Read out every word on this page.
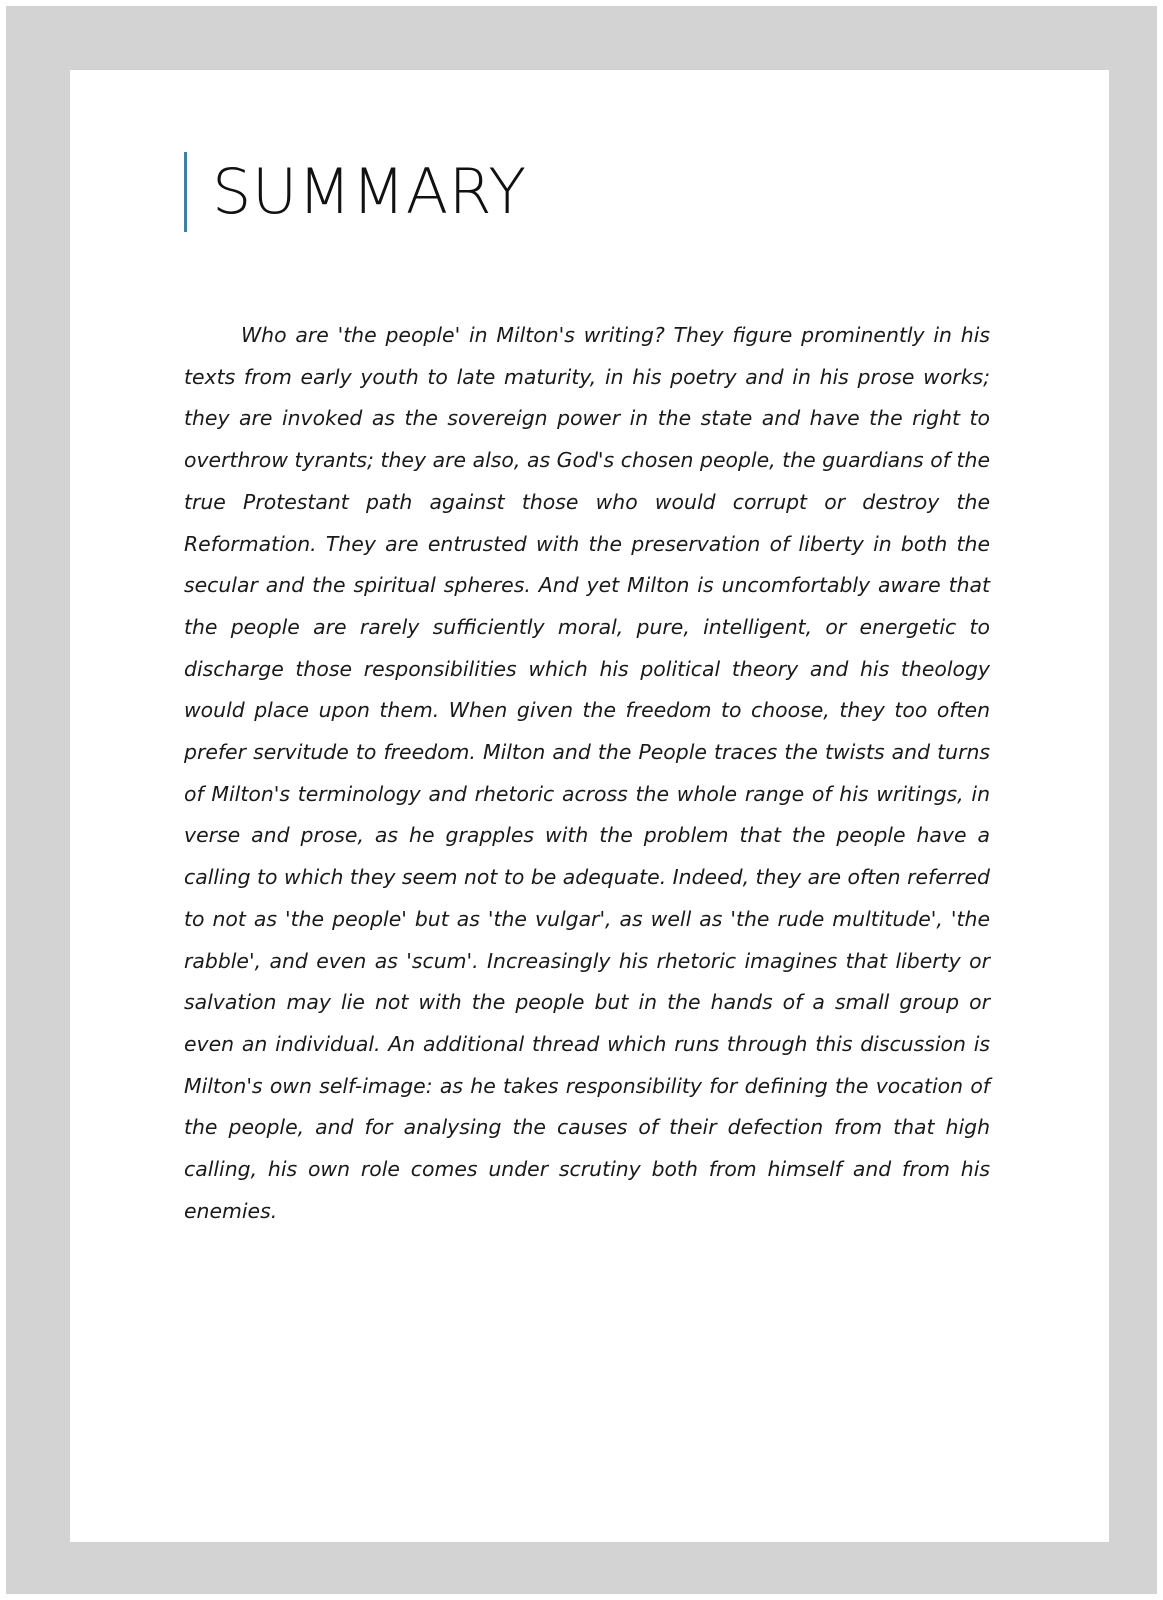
SUMMARY

Who are 'the people' in Milton's writing? They figure prominently in his texts from early youth to late maturity, in his poetry and in his prose works; they are invoked as the sovereign power in the state and have the right to overthrow tyrants; they are also, as God's chosen people, the guardians of the true Protestant path against those who would corrupt or destroy the Reformation. They are entrusted with the preservation of liberty in both the secular and the spiritual spheres. And yet Milton is uncomfortably aware that the people are rarely sufficiently moral, pure, intelligent, or energetic to discharge those responsibilities which his political theory and his theology would place upon them. When given the freedom to choose, they too often prefer servitude to freedom. Milton and the People traces the twists and turns of Milton's terminology and rhetoric across the whole range of his writings, in verse and prose, as he grapples with the problem that the people have a calling to which they seem not to be adequate. Indeed, they are often referred to not as 'the people' but as 'the vulgar', as well as 'the rude multitude', 'the rabble', and even as 'scum'. Increasingly his rhetoric imagines that liberty or salvation may lie not with the people but in the hands of a small group or even an individual. An additional thread which runs through this discussion is Milton's own self-image: as he takes responsibility for defining the vocation of the people, and for analysing the causes of their defection from that high calling, his own role comes under scrutiny both from himself and from his enemies.
